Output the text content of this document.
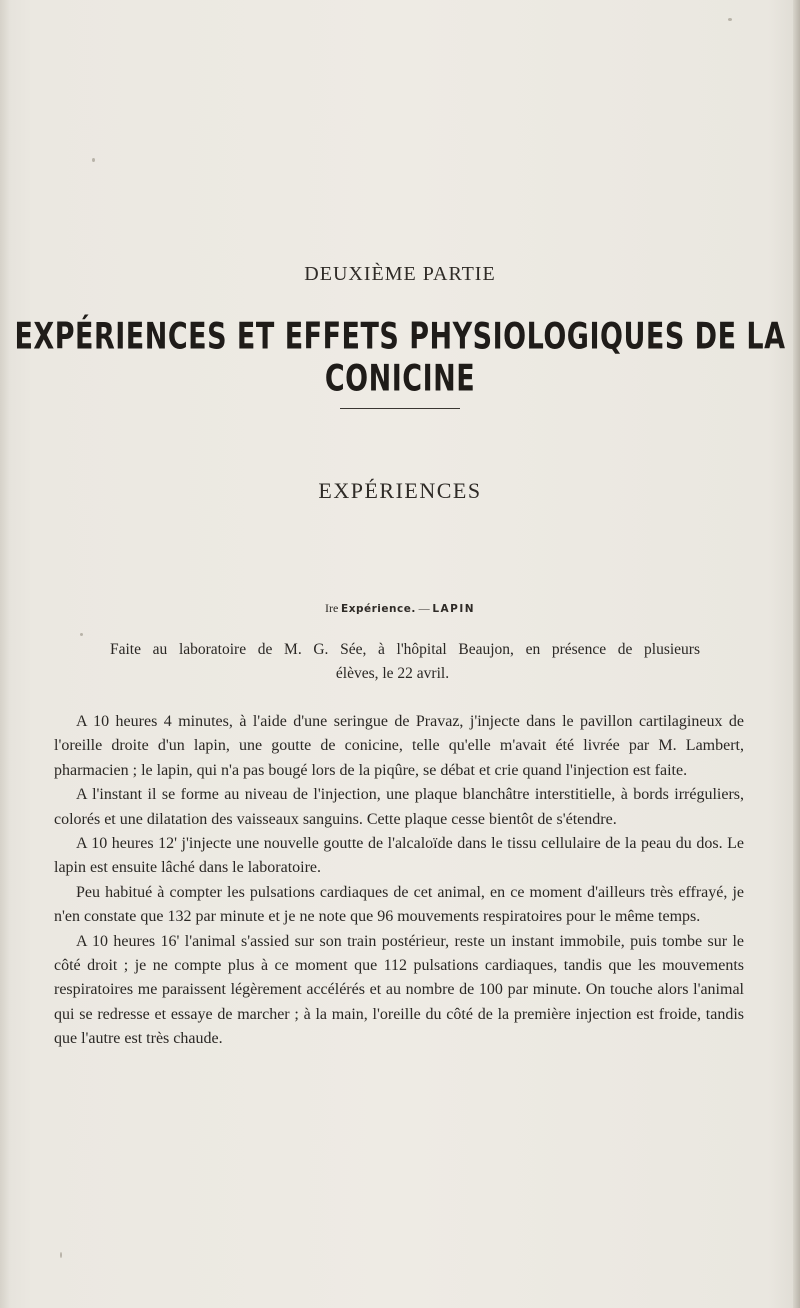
DEUXIÈME PARTIE
EXPÉRIENCES ET EFFETS PHYSIOLOGIQUES DE LA CONICINE
EXPÉRIENCES
Ire Expérience. — LAPIN
Faite au laboratoire de M. G. Sée, à l'hôpital Beaujon, en présence de plusieurs
élèves, le 22 avril.

A 10 heures 4 minutes, à l'aide d'une seringue de Pravaz, j'injecte dans le pavillon cartilagineux de l'oreille droite d'un lapin, une goutte de conicine, telle qu'elle m'avait été livrée par M. Lambert, pharmacien ; le lapin, qui n'a pas bougé lors de la piqûre, se débat et crie quand l'injection est faite.

A l'instant il se forme au niveau de l'injection, une plaque blanchâtre interstitielle, à bords irréguliers, colorés et une dilatation des vaisseaux sanguins. Cette plaque cesse bientôt de s'étendre.

A 10 heures 12' j'injecte une nouvelle goutte de l'alcaloïde dans le tissu cellulaire de la peau du dos. Le lapin est ensuite lâché dans le laboratoire.

Peu habitué à compter les pulsations cardiaques de cet animal, en ce moment d'ailleurs très effrayé, je n'en constate que 132 par minute et je ne note que 96 mouvements respiratoires pour le même temps.

A 10 heures 16' l'animal s'assied sur son train postérieur, reste un instant immobile, puis tombe sur le côté droit ; je ne compte plus à ce moment que 112 pulsations cardiaques, tandis que les mouvements respiratoires me paraissent légèrement accélérés et au nombre de 100 par minute. On touche alors l'animal qui se redresse et essaye de marcher ; à la main, l'oreille du côté de la première injection est froide, tandis que l'autre est très chaude.
